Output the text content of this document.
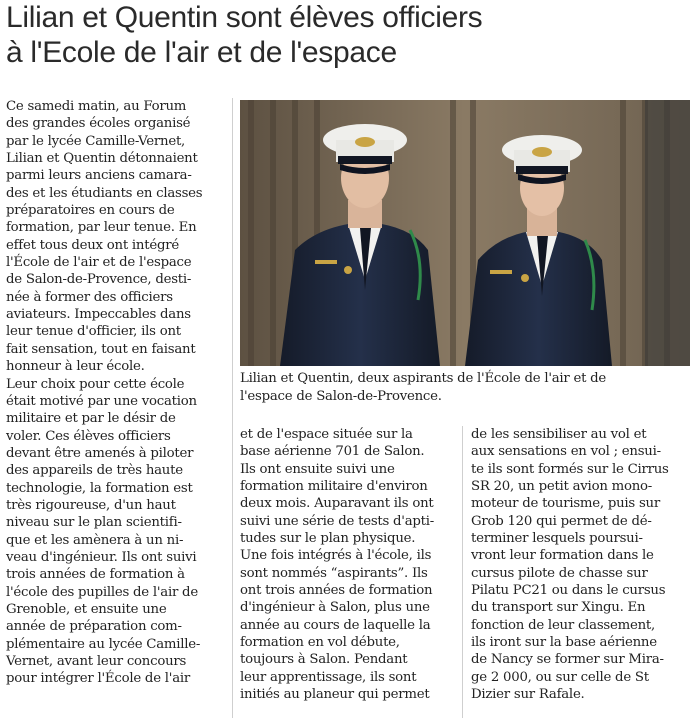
Lilian et Quentin sont élèves officiers
à l'Ecole de l'air et de l'espace
Ce samedi matin, au Forum
des grandes écoles organisé
par le lycée Camille-Vernet,
Lilian et Quentin détonnaient
parmi leurs anciens camara-
des et les étudiants en classes
préparatoires en cours de
formation, par leur tenue. En
effet tous deux ont intégré
l'École de l'air et de l'espace
de Salon-de-Provence, desti-
née à former des officiers
aviateurs. Impeccables dans
leur tenue d'officier, ils ont
fait sensation, tout en faisant
honneur à leur école.
Leur choix pour cette école
était motivé par une vocation
militaire et par le désir de
voler. Ces élèves officiers
devant être amenés à piloter
des appareils de très haute
technologie, la formation est
très rigoureuse, d'un haut
niveau sur le plan scientifi-
que et les amènera à un ni-
veau d'ingénieur. Ils ont suivi
trois années de formation à
l'école des pupilles de l'air de
Grenoble, et ensuite une
année de préparation com-
plémentaire au lycée Camille-
Vernet, avant leur concours
pour intégrer l'École de l'air
Lilian et Quentin, deux aspirants de l'École de l'air et de
l'espace de Salon-de-Provence.
et de l'espace située sur la
base aérienne 701 de Salon.
Ils ont ensuite suivi une
formation militaire d'environ
deux mois. Auparavant ils ont
suivi une série de tests d'apti-
tudes sur le plan physique.
Une fois intégrés à l'école, ils
sont nommés “aspirants”. Ils
ont trois années de formation
d'ingénieur à Salon, plus une
année au cours de laquelle la
formation en vol débute,
toujours à Salon. Pendant
leur apprentissage, ils sont
initiés au planeur qui permet
de les sensibiliser au vol et
aux sensations en vol ; ensui-
te ils sont formés sur le Cirrus
SR 20, un petit avion mono-
moteur de tourisme, puis sur
Grob 120 qui permet de dé-
terminer lesquels poursui-
vront leur formation dans le
cursus pilote de chasse sur
Pilatu PC21 ou dans le cursus
du transport sur Xingu. En
fonction de leur classement,
ils iront sur la base aérienne
de Nancy se former sur Mira-
ge 2 000, ou sur celle de St
Dizier sur Rafale.
